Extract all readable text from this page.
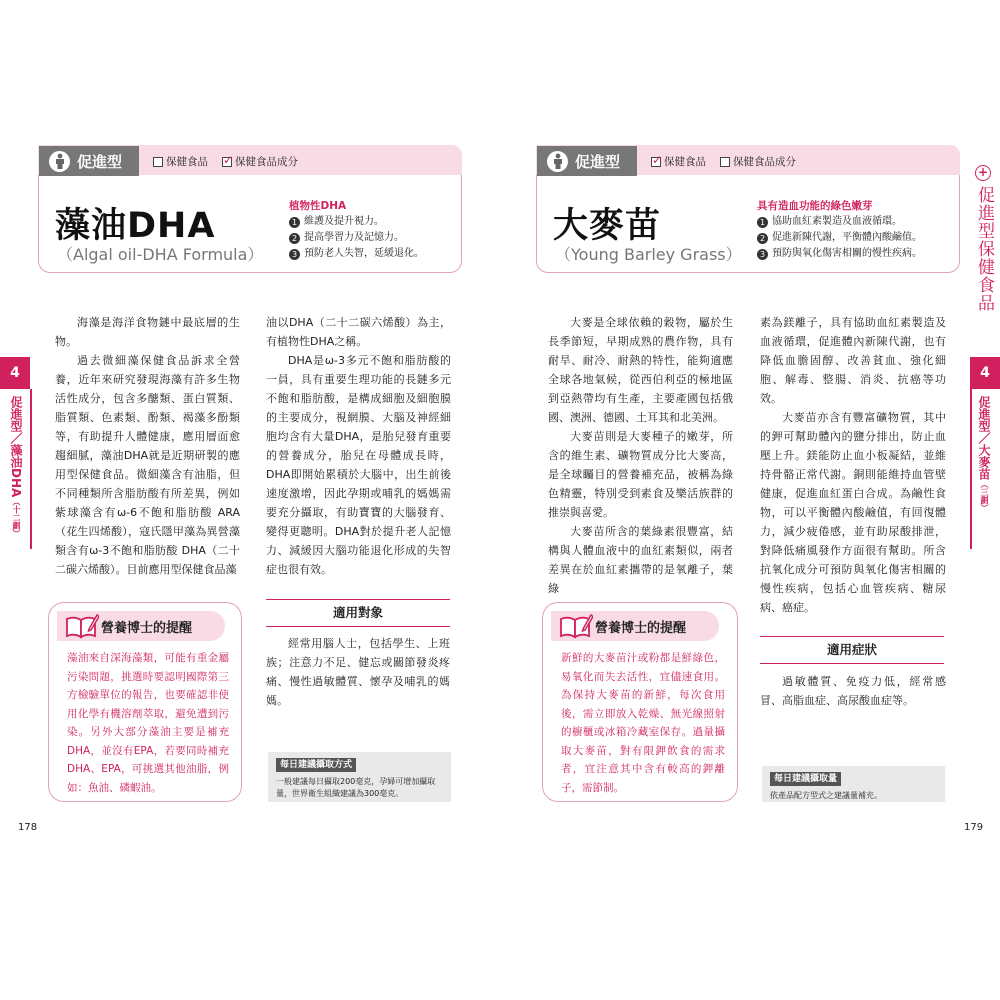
促進型	保健食品 ✓	保健食品成分
藻油DHA
（Algal oil-DHA Formula）
植物性DHA
1 維護及提升視力。
2 提高學習力及記憶力。
3 預防老人失智，延緩退化。

海藻是海洋食物鏈中最底層的生物。

過去微細藻保健食品訴求全營養，近年來研究發現海藻有許多生物活性成分，包含多醣類、蛋白質類、脂質類、色素類、酚類、褐藻多酚類等，有助提升人體健康，應用層面愈趨細膩，藻油DHA就是近期研製的應用型保健食品。微細藻含有油脂，但不同種類所含脂肪酸有所差異，例如紫球藻含有ω-6不飽和脂肪酸 ARA（花生四烯酸），寇氏隱甲藻為異營藻類含有ω-3不飽和脂肪酸 DHA（二十二碳六烯酸）。目前應用型保健食品藻

油以DHA（二十二碳六烯酸）為主，有植物性DHA之稱。

DHA是ω-3多元不飽和脂肪酸的一員，具有重要生理功能的長鏈多元不飽和脂肪酸，是構成細胞及細胞膜的主要成分，視網膜、大腦及神經細胞均含有大量DHA，是胎兒發育重要的營養成分，胎兒在母體成長時，DHA即開始累積於大腦中，出生前後速度激增，因此孕期或哺乳的媽媽需要充分攝取，有助寶寶的大腦發育、變得更聰明。DHA對於提升老人記憶力、減緩因大腦功能退化形成的失智症也很有效。

營養博士的提醒
藻油來自深海藻類，可能有重金屬污染問題，挑選時要認明國際第三方檢驗單位的報告，也要確認非使用化學有機溶劑萃取，避免遭到污染。另外大部分藻油主要是補充DHA，並沒有EPA，若要同時補充DHA、EPA，可挑選其他油脂，例如：魚油、磷蝦油。
適用對象

經常用腦人士，包括學生、上班族；注意力不足、健忘或關節發炎疼痛、慢性過敏體質、懷孕及哺乳的媽媽。

每日建議攝取方式
一般建議每日攝取200毫克，孕婦可增加攝取量，世界衛生組織建議為300毫克。
4
促進型／藻油DHA（十二劃）
178
促進型 ✓	保健食品	保健食品成分
大麥苗
（Young Barley Grass）
具有造血功能的綠色嫩芽
1 協助血紅素製造及血液循環。
2 促進新陳代謝，平衡體內酸鹼值。
3 預防與氧化傷害相關的慢性疾病。

大麥是全球依賴的穀物，屬於生長季節短，早期成熟的農作物，具有耐旱、耐冷、耐熱的特性，能夠適應全球各地氣候，從西伯利亞的極地區到亞熱帶均有生產，主要產國包括俄國、澳洲、德國、土耳其和北美洲。

大麥苗則是大麥種子的嫩芽，所含的維生素、礦物質成分比大麥高，是全球矚目的營養補充品，被稱為綠色精靈，特別受到素食及樂活族群的推崇與喜愛。

大麥苗所含的葉綠素很豐富，結構與人體血液中的血紅素類似，兩者差異在於血紅素攜帶的是氧離子，葉綠

素為鎂離子，具有協助血紅素製造及血液循環，促進體內新陳代謝，也有降低血膽固醇、改善貧血、強化細胞、解毒、整腸、消炎、抗癌等功效。

大麥苗亦含有豐富礦物質，其中的鉀可幫助體內的鹽分排出，防止血壓上升。鎂能防止血小板凝結，並維持骨骼正常代謝。銅則能維持血管壁健康，促進血紅蛋白合成。為鹼性食物，可以平衡體內酸鹼值，有回復體力，減少疲倦感，並有助尿酸排泄，對降低痛風發作方面很有幫助。所含抗氧化成分可預防與氧化傷害相關的慢性疾病，包括心血管疾病、糖尿病、癌症。

營養博士的提醒
新鮮的大麥苗汁或粉都是鮮綠色，易氧化而失去活性，宜儘速食用。為保持大麥苗的新鮮，每次食用後，需立即放入乾燥、無光線照射的櫥櫃或冰箱冷藏室保存。過量攝取大麥苗，對有限鉀飲食的需求者，宜注意其中含有較高的鉀離子，需節制。
適用症狀

過敏體質、免疫力低，經常感冒、高脂血症、高尿酸血症等。

每日建議攝取量
依產品配方型式之建議量補充。
179
+
促進型保健食品
4
促進型／大麥苗（三劃）
